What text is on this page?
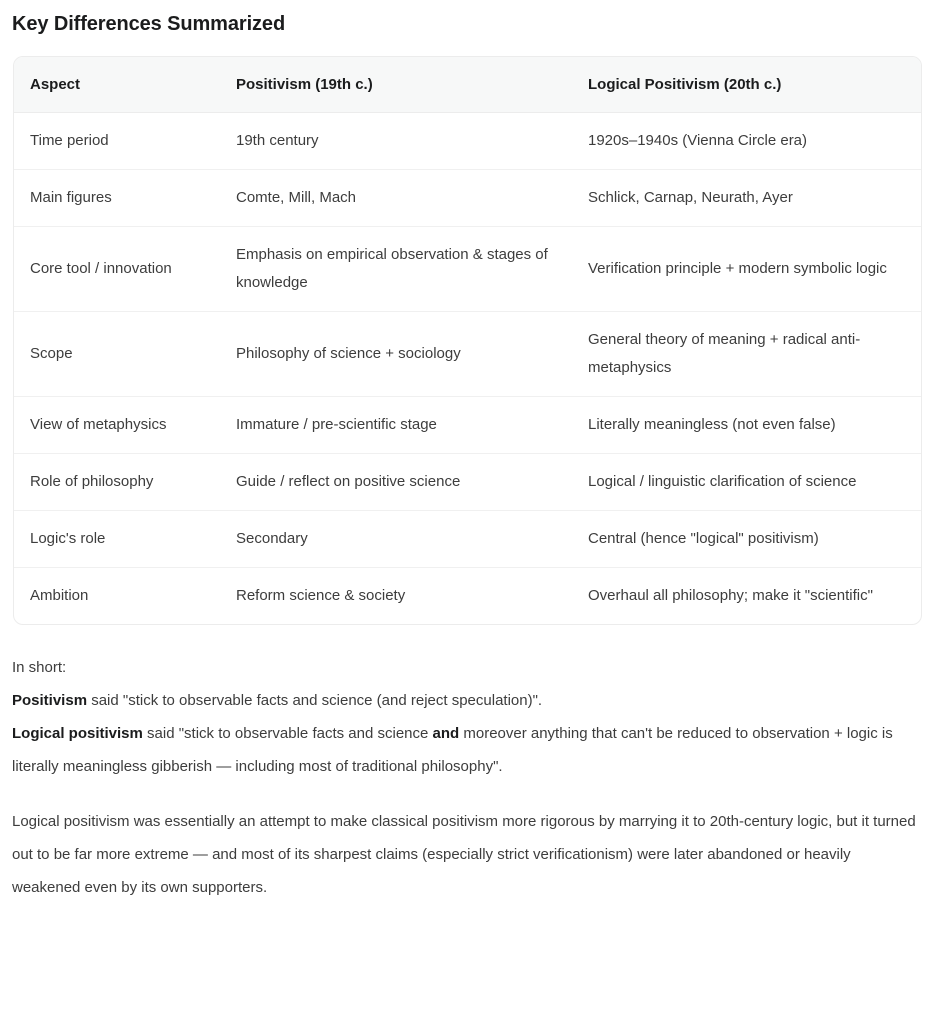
Key Differences Summarized
Aspect	Positivism (19th c.)	Logical Positivism (20th c.)
Time period	19th century	1920s–1940s (Vienna Circle era)
Main figures	Comte, Mill, Mach	Schlick, Carnap, Neurath, Ayer
Core tool / innovation	Emphasis on empirical observation & stages of knowledge	Verification principle + modern symbolic logic
Scope	Philosophy of science + sociology	General theory of meaning + radical anti-metaphysics
View of metaphysics	Immature / pre-scientific stage	Literally meaningless (not even false)
Role of philosophy	Guide / reflect on positive science	Logical / linguistic clarification of science
Logic's role	Secondary	Central (hence "logical" positivism)
Ambition	Reform science & society	Overhaul all philosophy; make it "scientific"

In short:
Positivism said "stick to observable facts and science (and reject speculation)".
Logical positivism said "stick to observable facts and science and moreover anything that can't be reduced to observation + logic is literally meaningless gibberish — including most of traditional philosophy".

Logical positivism was essentially an attempt to make classical positivism more rigorous by marrying it to 20th-century logic, but it turned out to be far more extreme — and most of its sharpest claims (especially strict verificationism) were later abandoned or heavily weakened even by its own supporters.
